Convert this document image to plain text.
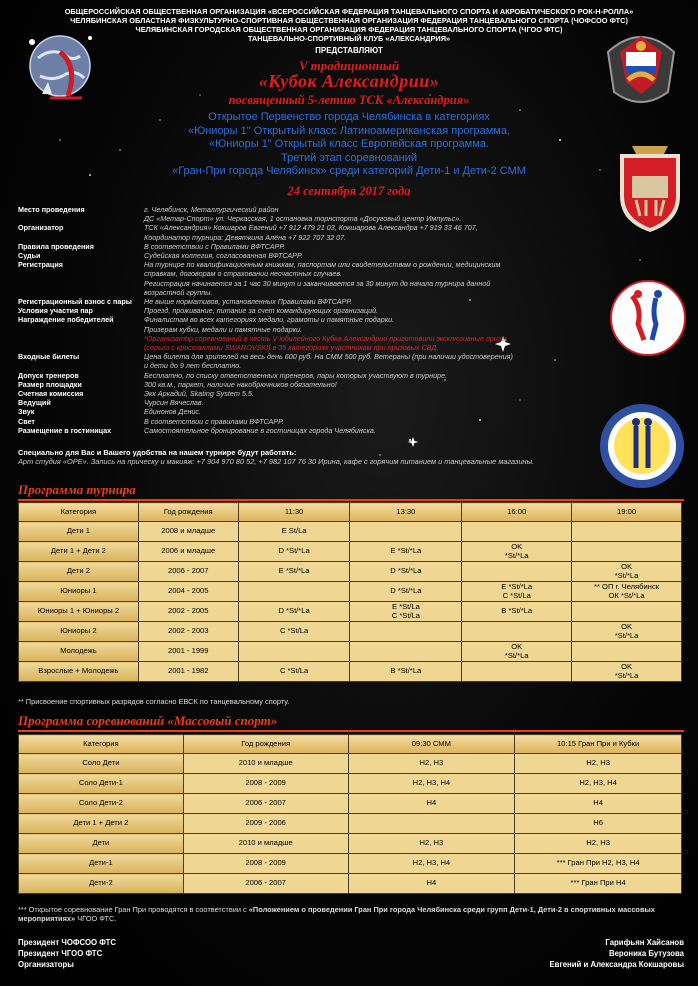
ОБЩЕРОССИЙСКАЯ ОБЩЕСТВЕННАЯ ОРГАНИЗАЦИЯ «ВСЕРОССИЙСКАЯ ФЕДЕРАЦИЯ ТАНЦЕВАЛЬНОГО СПОРТА И АКРОБАТИЧЕСКОГО РОК-Н-РОЛЛА»
ЧЕЛЯБИНСКАЯ ОБЛАСТНАЯ ФИЗКУЛЬТУРНО-СПОРТИВНАЯ ОБЩЕСТВЕННАЯ ОРГАНИЗАЦИЯ ФЕДЕРАЦИЯ ТАНЦЕВАЛЬНОГО СПОРТА (ЧОФСОО ФТС)
ЧЕЛЯБИНСКАЯ ГОРОДСКАЯ ОБЩЕСТВЕННАЯ ОРГАНИЗАЦИЯ ФЕДЕРАЦИЯ ТАНЦЕВАЛЬНОГО СПОРТА (ЧГОО ФТС)
ТАНЦЕВАЛЬНО-СПОРТИВНЫЙ КЛУБ «АЛЕКСАНДРИЯ»
ПРЕДСТАВЛЯЮТ
V традиционный
«Кубок Александрии»
посвященный 5-летию ТСК «Александрия»
Открытое Первенство города Челябинска в категориях
«Юниоры 1" Открытый класс Латиноамериканская программа,
«Юниоры 1" Открытый класс Европейская программа.
Третий этап соревнований
«Гран-При города Челябинск» среди категорий Дети-1 и Дети-2 СММ
24 сентября 2017 года
Место проведения	г. Челябинск, Металлургический район
ДС «Метар-Спорт» ул. Черкасская, 1 остановка торнспорта «Досуговый центр Импульс».
Организатор	ТСК «Александрия» Кокшаров Евгений +7 912 479 21 03, Кокшарова Александра +7 919 33 46 707,
Координатор турнира: Девяткина Алёна +7 922 707 32 07.
Правила проведения	В соответствии с Правилами ВФТСАРР.
Судьи	Судейская коллегия, согласованная ВФТСАРР.
Регистрация	На турнире по квалификационным книжкам, паспортам или свидетельствам о рождении, медицинским
справкам, договорам о страховании несчастных случаев.
Регистрация начинается за 1 час 30 минут и заканчивается за 30 минут до начала турнира данной
возрастной группы.
Регистрационный взнос с пары	Не выше нормативов, установленных Правилами ВФТСАРР.
Условия участия пар	Проезд, проживание, питание за счет командирующих организаций.
Награждение победителей	Финалистам во всех категориях медали, грамоты и памятные подарки.
Призерам кубки, медали и памятные подарки.
*Организатор соревнований в честь V юбилейного Кубка Александрии приготовили эксклюзивные призы
(серьги с кристаллами SWAROVSKI) в 35 категориях участникам при призовых СВД.
Входные билеты	Цена билета для зрителей на весь день 600 руб. На СММ 500 руб. Ветераны (при наличии удостоверения)
и дети до 9 лет бесплатно.
Допуск тренеров	Бесплатно, по списку ответственных тренеров, пары которых участвуют в турнире.
Размер площадки	300 кв.м., паркет, наличие накобрючников обязательно!
Счетная комиссия	Экк Аркадий, Skating System 5.5.
Ведущий	Чурсин Вячеслав.
Звук	Единонов Денис.
Свет	В соответствии с правилами ВФТСАРР.
Размещение в гостиницах	Самостоятельное бронирование в гостиницах города Челябинска.
Специально для Вас и Вашего удобства на нашем турнире будут работать:
Арт студия «ОРЕ». Запись на прическу и макияж: +7 904 970 80 52, +7 982 107 76 30 Ирина, кафе с горячим питанием и танцевальные магазины.
Программа турнира
Категория	Год рождения	11:30	13:30	16:00	19:00
Дети 1	2008 и младше	E St/La			
Дети 1 + Дети 2	2006 и младше	D *St/*La	E *St/*La	OK
*St/*La	
Дети 2	2006 - 2007	E *St/*La	D *St/*La		OK
*St/*La
Юниоры 1	2004 - 2005		D *St/*La	E *St/*La
C *St/La	** ОП г. Челябинск
ОК *St/*La
Юниоры 1 + Юниоры 2	2002 - 2005	D *St/*La	E *St/La
C *St/La	B *St/*La	
Юниоры 2	2002 - 2003	C *St/La			OK
*St/*La
Молодежь	2001 - 1999			OK
*St/*La	
Взрослые + Молодежь	2001 - 1982	C *St/La	B *St/*La		OK
*St/*La
** Присвоение спортивных разрядов согласно ЕВСК по танцевальному спорту.
Программа соревнований «Массовый спорт»
Категория	Год рождения	09:30 СММ	10:15 Гран При и Кубки
Соло Дети	2010 и младше	Н2, Н3	Н2, Н3
Соло Дети-1	2008 - 2009	Н2, Н3, Н4	Н2, Н3, Н4
Соло Дети-2	2006 - 2007	Н4	Н4
Дети 1 + Дети 2	2009 - 2006		Н6
Дети	2010 и младше	Н2, Н3	Н2, Н3
Дети-1	2008 - 2009	Н2, Н3, Н4	*** Гран При Н2, Н3, Н4
Дети-2	2006 - 2007	Н4	*** Гран При Н4
*** Открытое соревнование Гран При проводятся в соответствии с «Положением о проведении Гран При города Челябинска среди групп Дети-1, Дети-2 в спортивных массовых мероприятиях» ЧГОО ФТС.
Президент ЧОФСОО ФТС
Президент ЧГОО ФТС
Организаторы
Гарифьян Хайсанов
Вероника Бутузова
Евгений и Александра Кокшаровы
